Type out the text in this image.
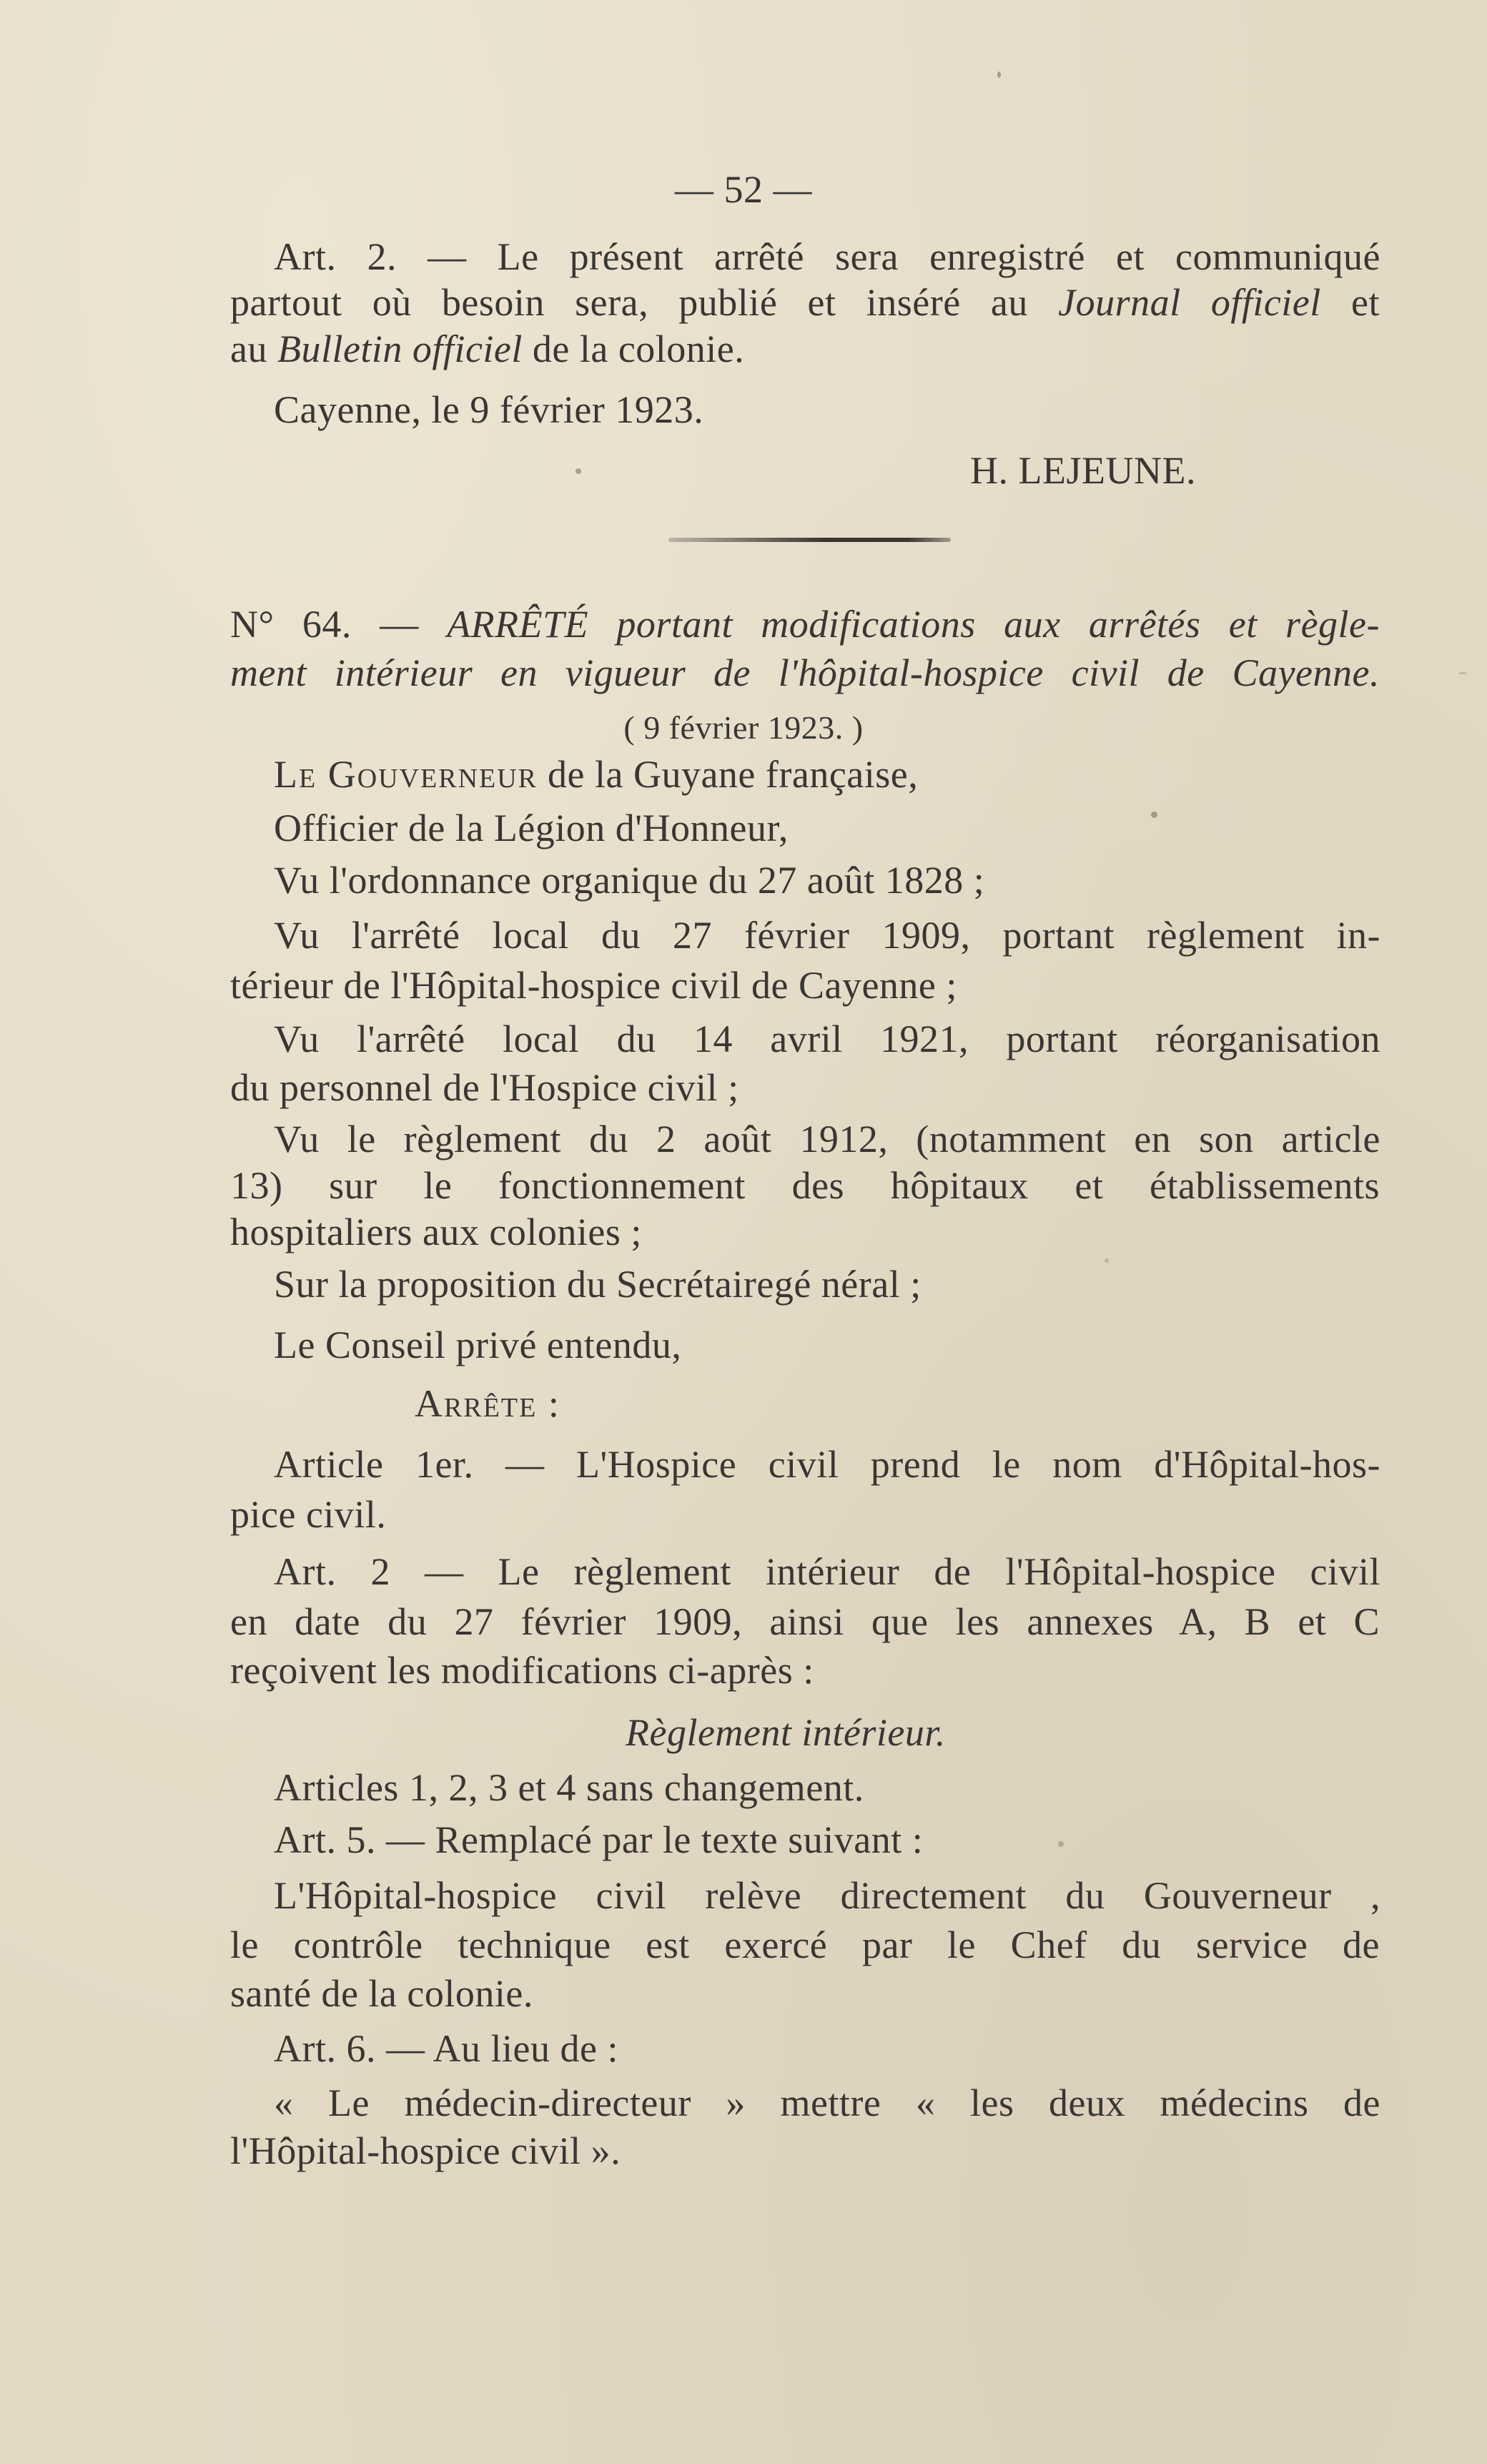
— 52 —
Art. 2. — Le présent arrêté sera enregistré et communiqué
partout où besoin sera, publié et inséré au Journal officiel et
au Bulletin officiel de la colonie.
Cayenne, le 9 février 1923.
H. LEJEUNE.
N° 64. — ARRÊTÉ portant modifications aux arrêtés et règle-
ment intérieur en vigueur de l'hôpital-hospice civil de Cayenne.
( 9 février 1923. )
Le Gouverneur de la Guyane française,
Officier de la Légion d'Honneur,
Vu l'ordonnance organique du 27 août 1828 ;
Vu l'arrêté local du 27 février 1909, portant règlement in-
térieur de l'Hôpital-hospice civil de Cayenne ;
Vu l'arrêté local du 14 avril 1921, portant réorganisation
du personnel de l'Hospice civil ;
Vu le règlement du 2 août 1912, (notamment en son article
13) sur le fonctionnement des hôpitaux et établissements
hospitaliers aux colonies ;
Sur la proposition du Secrétairegé néral ;
Le Conseil privé entendu,
Arrête :
Article 1er. — L'Hospice civil prend le nom d'Hôpital-hos-
pice civil.
Art. 2 — Le règlement intérieur de l'Hôpital-hospice civil
en date du 27 février 1909, ainsi que les annexes A, B et C
reçoivent les modifications ci-après :
Règlement intérieur.
Articles 1, 2, 3 et 4 sans changement.
Art. 5. — Remplacé par le texte suivant :
L'Hôpital-hospice civil relève directement du Gouverneur ,
le contrôle technique est exercé par le Chef du service de
santé de la colonie.
Art. 6. — Au lieu de :
« Le médecin-directeur » mettre « les deux médecins de
l'Hôpital-hospice civil ».
